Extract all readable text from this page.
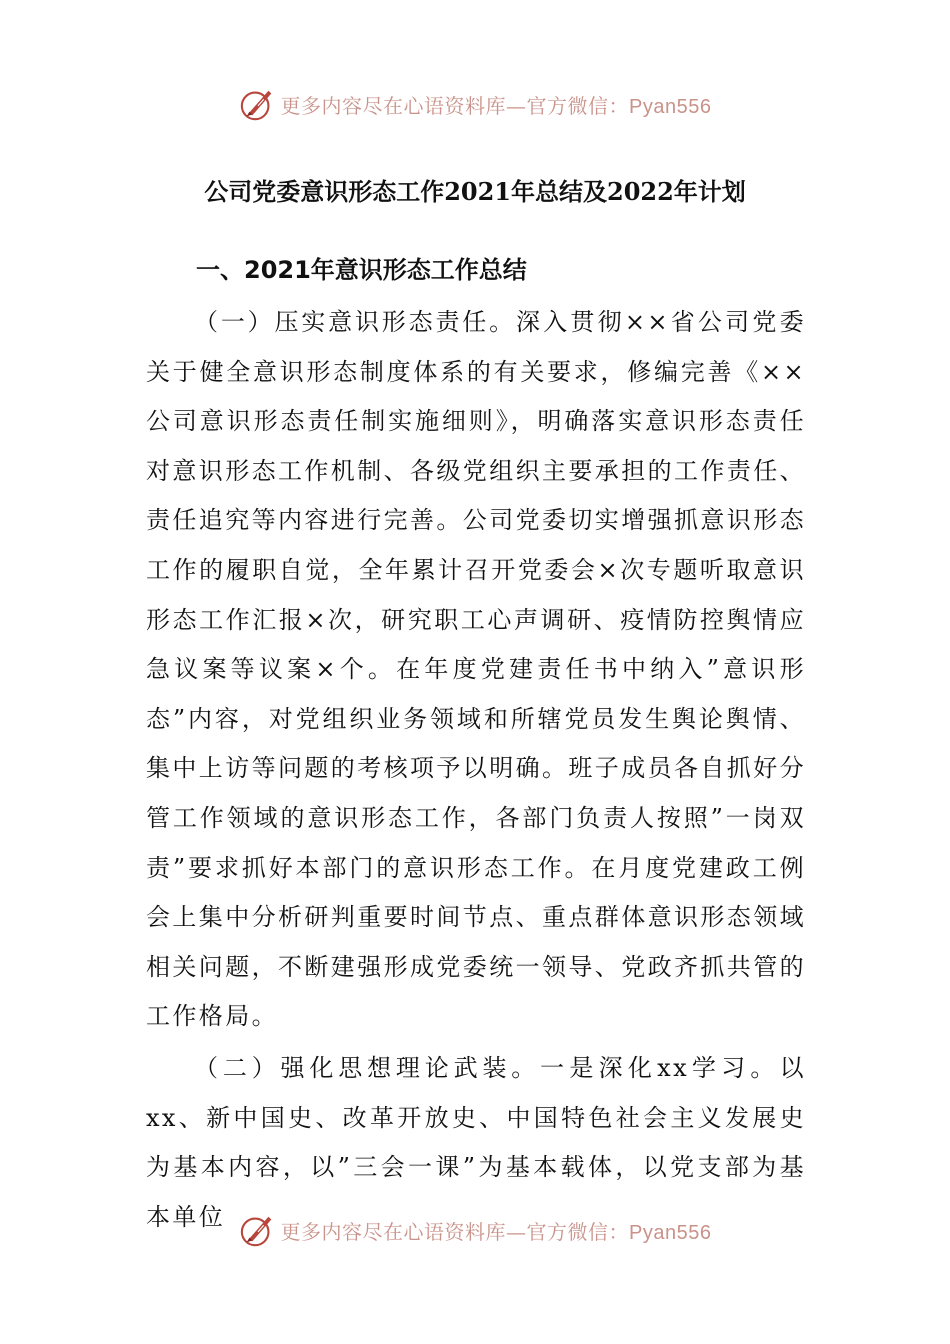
更多内容尽在心语资料库—官方微信：Pyan556
公司党委意识形态工作2021年总结及2022年计划
一、2021年意识形态工作总结

（一）压实意识形态责任。深入贯彻××省公司党委关于健全意识形态制度体系的有关要求，修编完善《××公司意识形态责任制实施细则》，明确落实意识形态责任对意识形态工作机制、各级党组织主要承担的工作责任、责任追究等内容进行完善。公司党委切实增强抓意识形态工作的履职自觉，全年累计召开党委会×次专题听取意识形态工作汇报×次，研究职工心声调研、疫情防控舆情应急议案等议案×个。在年度党建责任书中纳入”意识形态”内容，对党组织业务领域和所辖党员发生舆论舆情、集中上访等问题的考核项予以明确。班子成员各自抓好分管工作领域的意识形态工作，各部门负责人按照”一岗双责”要求抓好本部门的意识形态工作。在月度党建政工例会上集中分析研判重要时间节点、重点群体意识形态领域相关问题，不断建强形成党委统一领导、党政齐抓共管的工作格局。

（二）强化思想理论武装。一是深化xx学习。以xx、新中国史、改革开放史、中国特色社会主义发展史为基本内容，以”三会一课”为基本载体，以党支部为基本单位

更多内容尽在心语资料库—官方微信：Pyan556
